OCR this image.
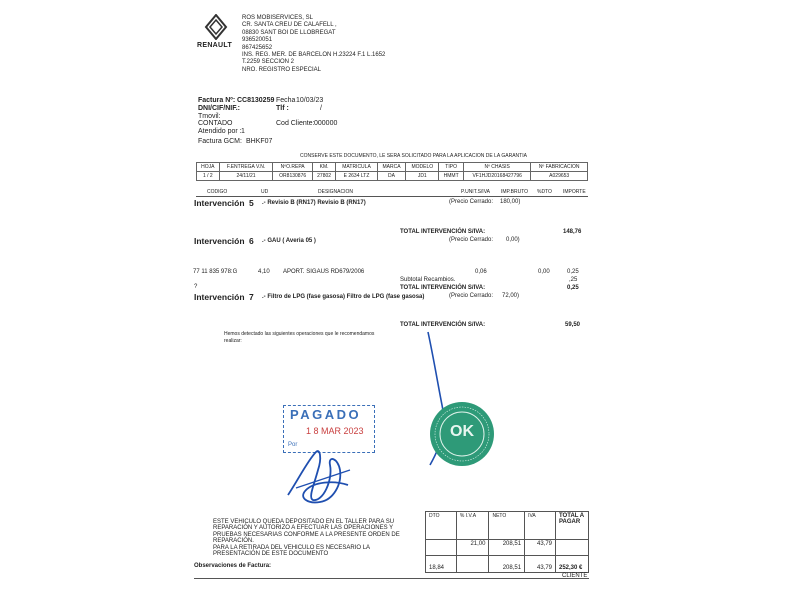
RENAULT
ROS MOBISERVICES, SL
CR. SANTA CREU DE CALAFELL ,
08830 SANT BOI DE LLOBREGAT
936520051
867425652
INS. REG. MER. DE BARCELON H.23224 F.1 L.1652
T.2259 SECCION 2
NRO. REGISTRO ESPECIAL
Factura Nº: CC8130259 Fecha 10/03/23
DNI/CIF/NIF.:	Tlf :	/
Tmovil:
CONTADO	Cod Cliente: 000000
Atendido por : 1
Factura GCM: BHKF07
CONSERVE ESTE DOCUMENTO, LE SERA SOLICITADO PARA LA APLICACION DE LA GARANTIA
HOJA	F.ENTREGA V.N.	NºO.REPA	KM.	MATRICULA	MARCA	MODELO	TIPO	Nº CHASIS	Nº FABRICACION
1 / 2	24/11/21	OR8130876	27802	E 2634 LTZ	DA	JD1	HMMT	VF1HJD20168427796	A029653
CODIGO	UD	DESIGNACION	P.UNIT.S/IVA IMP.BRUTO %DTO IMPORTE
Intervención 5 .- Revisio B (RN17) Revisio B (RN17)	(Precio Cerrado: 180,00)
TOTAL INTERVENCIÓN S/IVA:	148,76
Intervención 6 .- GAU ( Averia 05 )	(Precio Cerrado: 0,00)
77 11 835 978:G	4,10 APORT. SIGAUS RD679/2006	0,06	0,00	0,25
Subtotal Recambios.	,25
?	TOTAL INTERVENCIÓN S/IVA:	0,25
Intervención 7 .- Filtro de LPG (fase gasosa) Filtro de LPG (fase gasosa)	(Precio Cerrado: 72,00)
TOTAL INTERVENCIÓN S/IVA:	59,50
Hemos detectado las siguientes operaciones que le recomendamos
realizar:
PAGADO
1 8 MAR 2023
Por
OK
ESTE VEHICULO QUEDA DEPOSITADO EN EL TALLER PARA SU
REPARACIÓN Y AUTORIZO A EFECTUAR LAS OPERACIONES Y
PRUEBAS NECESARIAS CONFORME A LA PRESENTE ORDEN DE
REPARACIÓN.
PARA LA RETIRADA DEL VEHICULO ES NECESARIO LA
PRESENTACIÓN DE ESTE DOCUMENTO
DTO	% I.V.A	NETO	IVA	TOTAL A PAGAR
	21,00	208,51	43,79	
18,84		208,51	43,79	252,30 €
Observaciones de Factura:
CLIENTE
